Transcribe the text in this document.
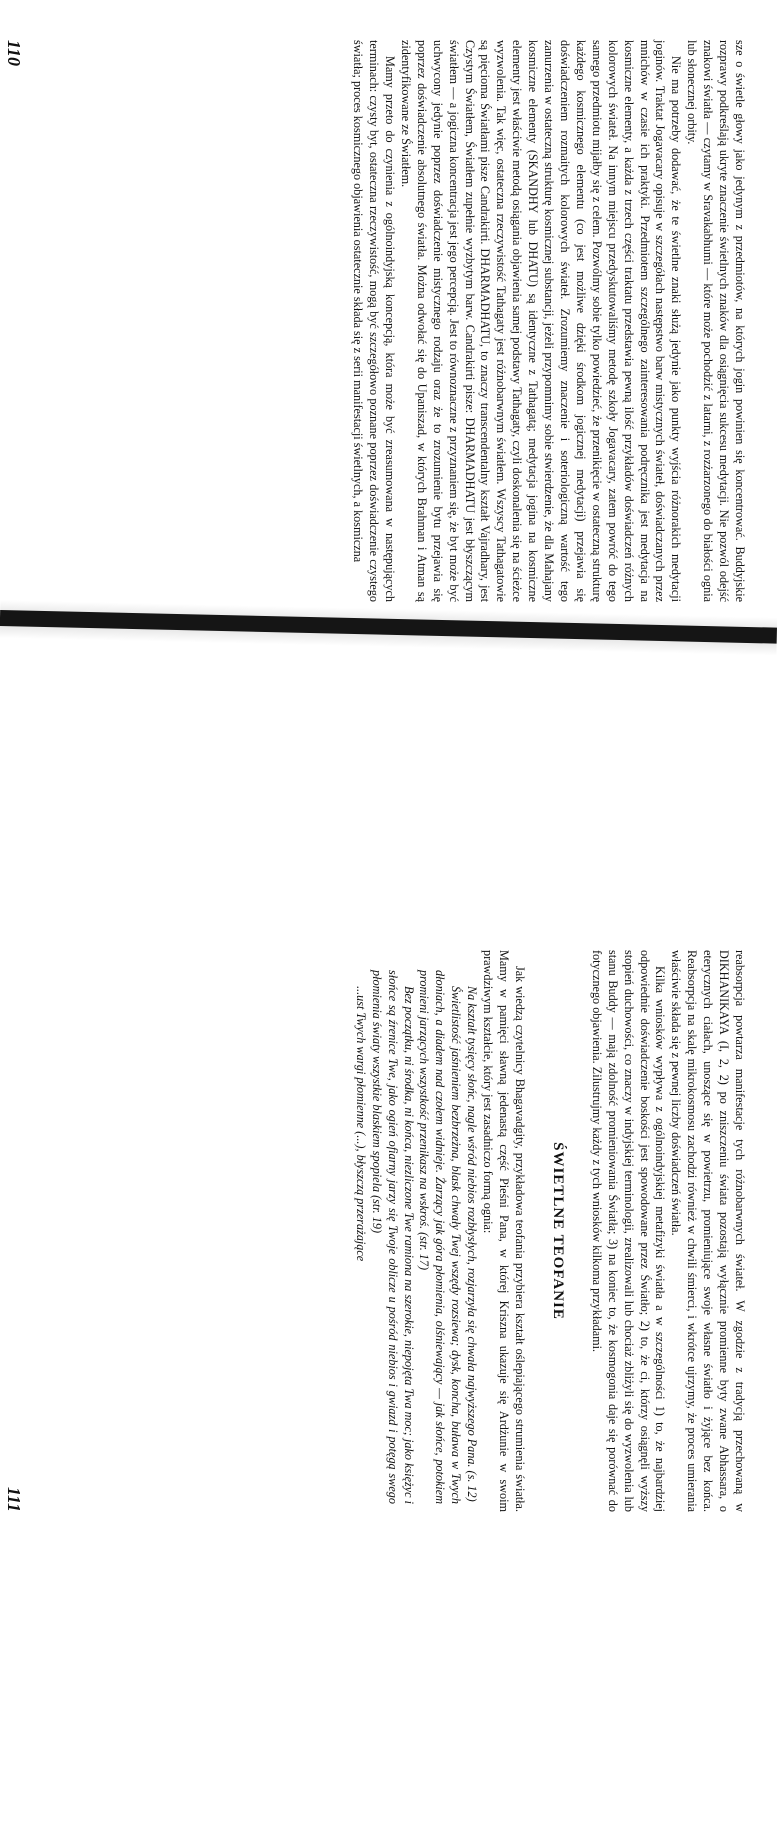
sze o świetle głowy jako jedynym z przedmiotów, na których jogin powinien się koncentrować. Buddyjskie rozprawy podkreślają ukryte znaczenie świetlnych znaków dla osiągnięcia sukcesu medytacji. Nie pozwól odejść znakowi światła — czytamy w Sravakabhumi — które może pochodzić z latarni, z rozżarzonego do białości ognia lub słonecznej orbity.

Nie ma potrzeby dodawać, że te świetlne znaki służą jedynie jako punkty wyjścia różnorakich medytacji joginów. Traktat Jogavacary opisuje w szczegółach następstwo barw mistycznych świateł, doświadczanych przez mnichów w czasie ich praktyki. Przedmiotem szczególnego zainteresowania podręcznika jest medytacja na kosmiczne elementy, a każda z trzech części traktatu przedstawia pewną ilość przykładów doświadczeń różnych kolorowych świateł. Na innym miejscu przedyskutowaliśmy metodę szkoły Jogavacary, zatem powróć do tego samego przedmiotu mijałby się z celem. Pozwólmy sobie tylko powiedzieć, że przenikięcie w ostateczną strukturę każdego kosmicznego elementu (co jest możliwe dzięki środkom jogicznej medytacji) przejawia się doświadczeniem rozmaitych kolorowych świateł. Zrozumiemy znaczenie i soteriologiczną wartość tego zanurzenia w ostateczną strukturę kosmicznej substancji, jeżeli przypomnimy sobie stwierdzenie, że dla Mahajany kosmiczne elementy (SKANDHY lub DHATU) są identyczne z Tathagatą; medytacja jogina na kosmiczne elementy jest właściwie metodą osiągania objawienia samej podstawy Tathagaty, czyli doskonalenia się na ścieżce wyzwolenia. Tak więc, ostateczna rzeczywistość Tathagaty jest różnobarwnym światłem. Wszyscy Tathagatowie są pięcioma Światłami pisze Candrakirti. DHARMADHATU, to znaczy transcendentalny kształt Vajradhary, jest Czystym Światłem, Światłem zupełnie wyzbytym barw. Candrakirti pisze: DHARMADHATU jest błyszczącym światłem — a jogiczna koncentracja jest jego percepcją. Jest to równoznaczne z przyznaniem się, że byt może być uchwycony jedynie poprzez doświadczenie mistycznego rodzaju oraz że to zrozumienie bytu przejawia się poprzez doświadczenie absolutnego światła. Można odwołać się do Upaniszad, w których Brahman i Atman są zidentyfikowane ze Światłem.

Mamy przeto do czynienia z ogólnoindyjską koncepcją, która może być zreasumowana w następujących terminach: czysty byt, ostateczna rzeczywistość, mogą być szczegółowo poznane poprzez doświadczenie czystego światła; proces kosmicznego objawienia ostatecznie składa się z serii manifestacji świetlnych, a kosmiczna

110

reabsorpcja powtarza manifestacje tych różnobarwnych świateł. W zgodzie z tradycją przechowaną w DIKHANIKAYA (I, 2, 2) po zniszczeniu świata pozostają wyłącznie promienne byty zwane Abhassara, o eterycznych ciałach, unoszące się w powietrzu, promieniujące swoje własne światło i żyjące bez końca. Reabsorpcja na skalę mikrokosmosu zachodzi również w chwili śmierci, i wkrótce ujrzymy, że proces umierania właściwie składa się z pewnej liczby doświadczeń światła.

Kilka wniosków wypływa z ogólnoindyjskiej metafizyki światła a w szczególności 1) to, że najbardziej odpowiednie doświadczenie boskości jest spowodowane przez Światło; 2) to, że ci, którzy osiągnęli wyższy stopień duchowości, co znaczy w indyjskiej terminologii, zrealizowali lub chociaż zbliżyli się do wyzwolenia lub stanu Buddy — mają zdolność promieniowania Światła; 3) na koniec to, że kosmogonia daje się porównać do fotycznego objawienia. Zilustrujmy każdy z tych wniosków kilkoma przykładami.

ŚWIETLNE TEOFANIE

Jak wiedzą czytelnicy Bhagavadgity, przykładowa teofania przybiera kształt oślepiającego strumienia światła. Mamy w pamięci sławną jedenastą część Pieśni Pana, w której Kriszna ukazuje się Ardżunie w swoim prawdziwym kształcie, który jest zasadniczo formą ognia:

Na kształt tysięcy słońc, nagle wśród niebios rozbłysłych, rozjarzyła się chwała najwyższego Pana. (s. 12)

Świetlistość jaśnieniem bezbrzeżna, blask chwały Twej wszędy rozsiewa; dysk, koncha, buława w Twych dłoniach, a diadem nad czołem widnieje. Żarzący jak góra płomienia, olśniewający — jak słońce, potokiem promieni jarzących wszystkość przenikasz na wskroś. (str. 17)

Bez początku, ni środka, ni końca, niezliczone Twe ramiona na szerokie, niepojęta Twa moc; jako księżyc i słońce są źrenice Twe, jako ogień ofiarny jarzy się Twoje oblicze u pośród niebios i gwiazd i potęgą swego płomienia światy wszystkie blaskiem spopiela (str. 19)

...ust Twych wargi płomienne (...), błyszczą przerażające

111
